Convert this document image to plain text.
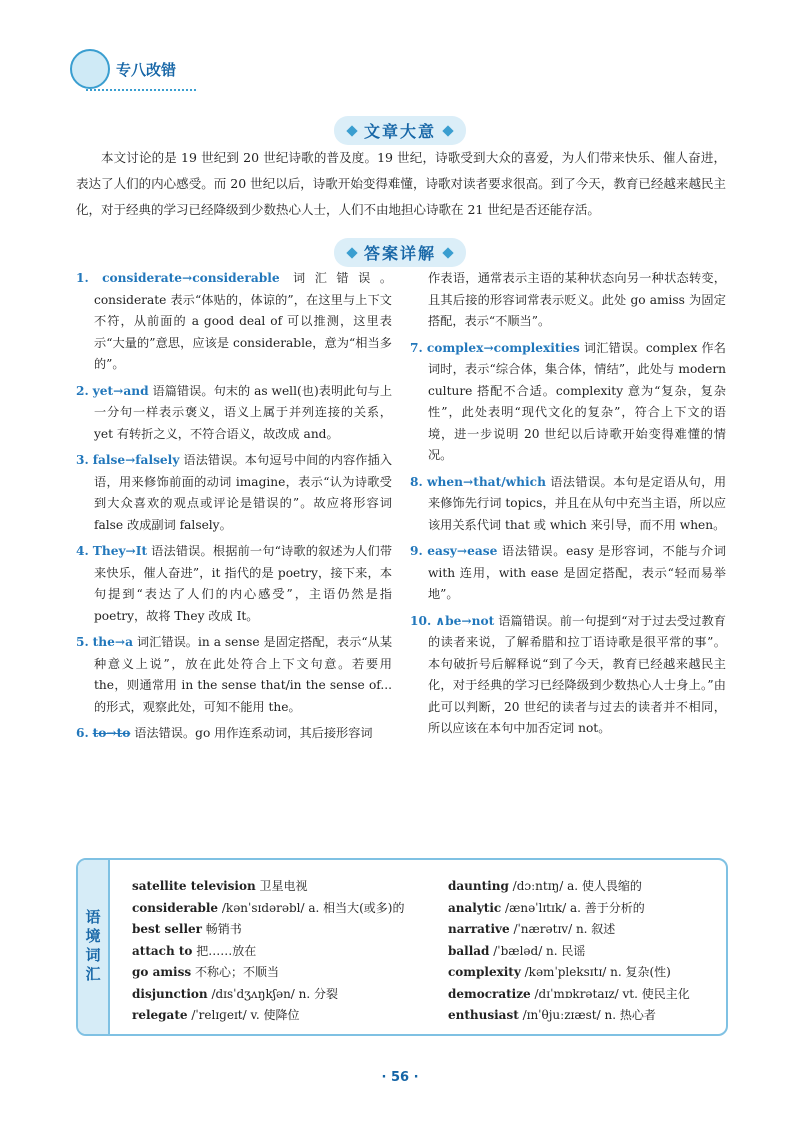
专八改错
文章大意

本文讨论的是 19 世纪到 20 世纪诗歌的普及度。19 世纪，诗歌受到大众的喜爱，为人们带来快乐、催人奋进，表达了人们的内心感受。而 20 世纪以后，诗歌开始变得难懂，诗歌对读者要求很高。到了今天，教育已经越来越民主化，对于经典的学习已经降级到少数热心人士，人们不由地担心诗歌在 21 世纪是否还能存活。

答案详解
1. considerate→considerable 词汇错误。considerate 表示“体贴的，体谅的”，在这里与上下文不符，从前面的 a good deal of 可以推测，这里表示“大量的”意思，应该是 considerable，意为“相当多的”。
2. yet→and 语篇错误。句末的 as well(也)表明此句与上一分句一样表示褒义，语义上属于并列连接的关系，yet 有转折之义，不符合语义，故改成 and。
3. false→falsely 语法错误。本句逗号中间的内容作插入语，用来修饰前面的动词 imagine，表示“认为诗歌受到大众喜欢的观点或评论是错误的”。故应将形容词 false 改成副词 falsely。
4. They→It 语法错误。根据前一句“诗歌的叙述为人们带来快乐，催人奋进”，it 指代的是 poetry，接下来，本句提到“表达了人们的内心感受”，主语仍然是指 poetry，故将 They 改成 It。
5. the→a 词汇错误。in a sense 是固定搭配，表示“从某种意义上说”，放在此处符合上下文句意。若要用 the，则通常用 in the sense that/in the sense of... 的形式，观察此处，可知不能用 the。
6. to→to 语法错误。go 用作连系动词，其后接形容词
作表语，通常表示主语的某种状态向另一种状态转变，且其后接的形容词常表示贬义。此处 go amiss 为固定搭配，表示“不顺当”。
7. complex→complexities 词汇错误。complex 作名词时，表示“综合体，集合体，情结”，此处与 modern culture 搭配不合适。complexity 意为“复杂，复杂性”，此处表明“现代文化的复杂”，符合上下文的语境，进一步说明 20 世纪以后诗歌开始变得难懂的情况。
8. when→that/which 语法错误。本句是定语从句，用来修饰先行词 topics，并且在从句中充当主语，所以应该用关系代词 that 或 which 来引导，而不用 when。
9. easy→ease 语法错误。easy 是形容词，不能与介词 with 连用，with ease 是固定搭配，表示“轻而易举地”。
10. ∧be→not 语篇错误。前一句提到“对于过去受过教育的读者来说，了解希腊和拉丁语诗歌是很平常的事”。本句破折号后解释说“到了今天，教育已经越来越民主化，对于经典的学习已经降级到少数热心人士身上。”由此可以判断，20 世纪的读者与过去的读者并不相同，所以应该在本句中加否定词 not。
语境词汇
satellite television 卫星电视
considerable /kənˈsɪdərəbl/ a. 相当大(或多)的
best seller 畅销书
attach to 把……放在
go amiss 不称心；不顺当
disjunction /dɪsˈdʒʌŋkʃən/ n. 分裂
relegate /ˈrelɪɡeɪt/ v. 使降位
daunting /dɔːntɪŋ/ a. 使人畏缩的
analytic /ænəˈlɪtɪk/ a. 善于分析的
narrative /ˈnærətɪv/ n. 叙述
ballad /ˈbæləd/ n. 民谣
complexity /kəmˈpleksɪtɪ/ n. 复杂(性)
democratize /dɪˈmɒkrətaɪz/ vt. 使民主化
enthusiast /ɪnˈθjuːzɪæst/ n. 热心者
· 56 ·
